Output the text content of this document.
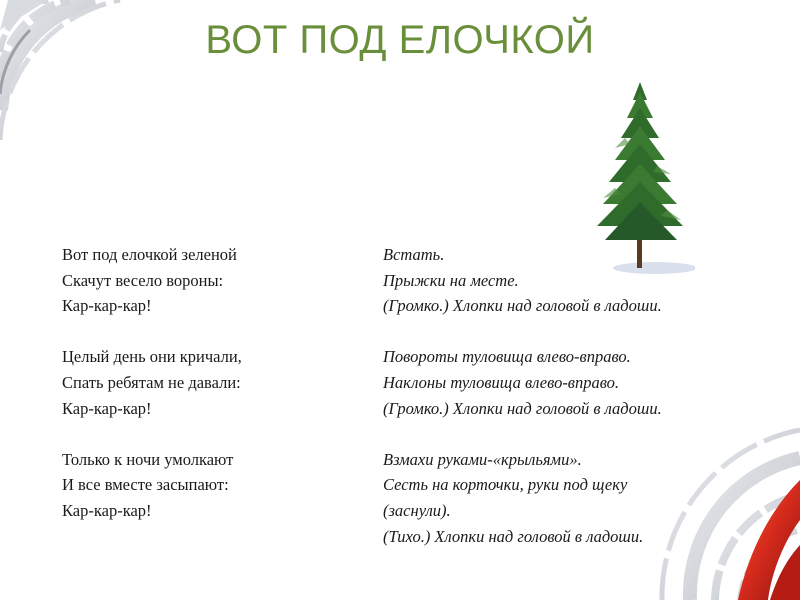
ВОТ ПОД ЕЛОЧКОЙ
Вот под елочкой зеленой
Скачут весело вороны:
Кар-кар-кар!
Целый день они кричали,
Спать ребятам не давали:
Кар-кар-кар!
Только к ночи умолкают
И все вместе засыпают:
Кар-кар-кар!
Встать.
Прыжки на месте.
(Громко.) Хлопки над головой в ладоши.
Повороты туловища влево-вправо.
Наклоны туловища влево-вправо.
(Громко.) Хлопки над головой в ладоши.
Взмахи руками-«крыльями».
Сесть на корточки, руки под щеку
(заснули).
(Тихо.) Хлопки над головой в ладоши.
